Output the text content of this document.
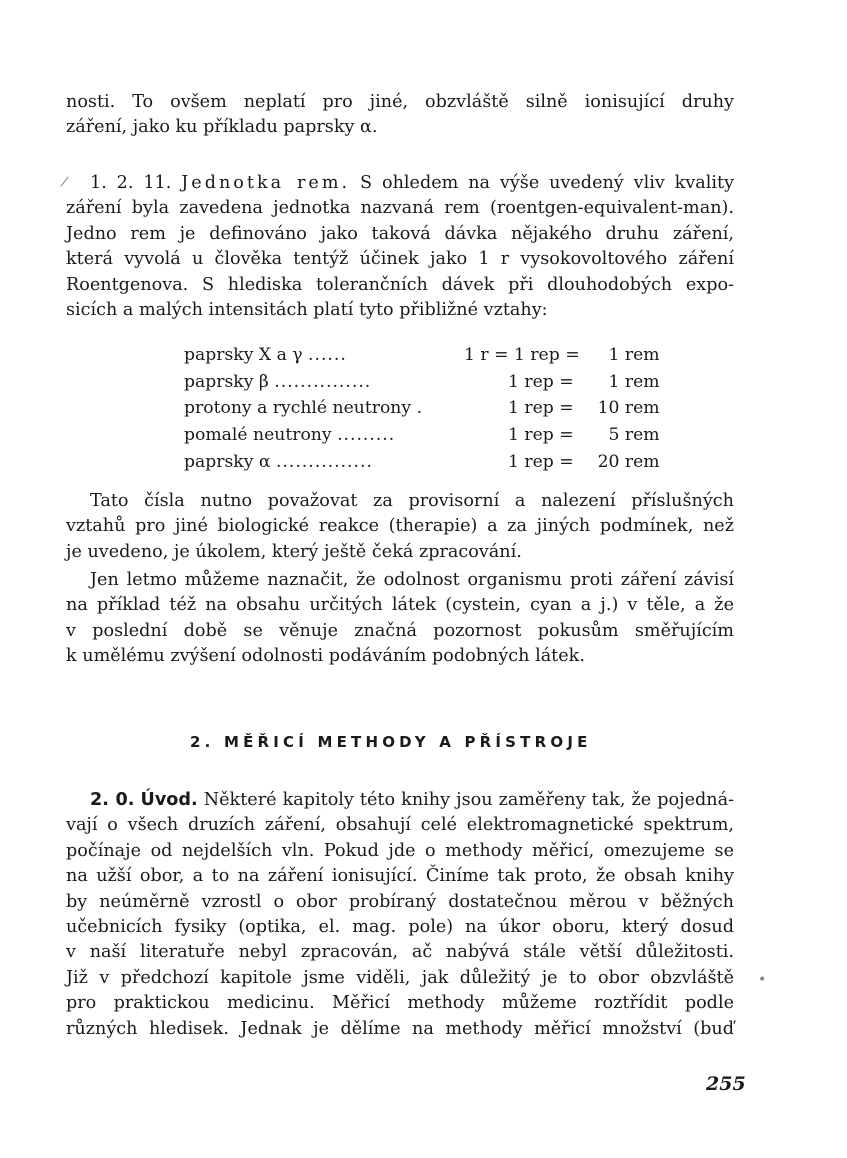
nosti. To ovšem neplatí pro jiné, obzvláště silně ionisující druhy
záření, jako ku příkladu paprsky α.
1. 2. 11. Jednotka rem. S ohledem na výše uvedený vliv kvality
záření byla zavedena jednotka nazvaná rem (roentgen-equivalent-man).
Jedno rem je definováno jako taková dávka nějakého druhu záření,
která vyvolá u člověka tentýž účinek jako 1 r vysokovoltového záření
Roentgenova. S hlediska tolerančních dávek při dlouhodobých expo-
sicích a malých intensitách platí tyto přibližné vztahy:
paprsky X a γ ......	1 r = 1 rep =	1 rem
paprsky β ...............	1 rep =	1 rem
protony a rychlé neutrony .	1 rep =	10 rem
pomalé neutrony .........	1 rep =	5 rem
paprsky α ...............	1 rep =	20 rem
Tato čísla nutno považovat za provisorní a nalezení příslušných
vztahů pro jiné biologické reakce (therapie) a za jiných podmínek, než
je uvedeno, je úkolem, který ještě čeká zpracování.
Jen letmo můžeme naznačit, že odolnost organismu proti záření závisí
na příklad též na obsahu určitých látek (cystein, cyan a j.) v těle, a že
v poslední době se věnuje značná pozornost pokusům směřujícím
k umělému zvýšení odolnosti podáváním podobných látek.
2. MĚŘICÍ METHODY A PŘÍSTROJE
2. 0. Úvod. Některé kapitoly této knihy jsou zaměřeny tak, že pojedná-
vají o všech druzích záření, obsahují celé elektromagnetické spektrum,
počínaje od nejdelších vln. Pokud jde o methody měřicí, omezujeme se
na užší obor, a to na záření ionisující. Činíme tak proto, že obsah knihy
by neúměrně vzrostl o obor probíraný dostatečnou měrou v běžných
učebnicích fysiky (optika, el. mag. pole) na úkor oboru, který dosud
v naší literatuře nebyl zpracován, ač nabývá stále větší důležitosti.
Již v předchozí kapitole jsme viděli, jak důležitý je to obor obzvláště
pro praktickou medicinu. Měřicí methody můžeme roztřídit podle
různých hledisek. Jednak je dělíme na methody měřicí množství (buď
255
/
•
